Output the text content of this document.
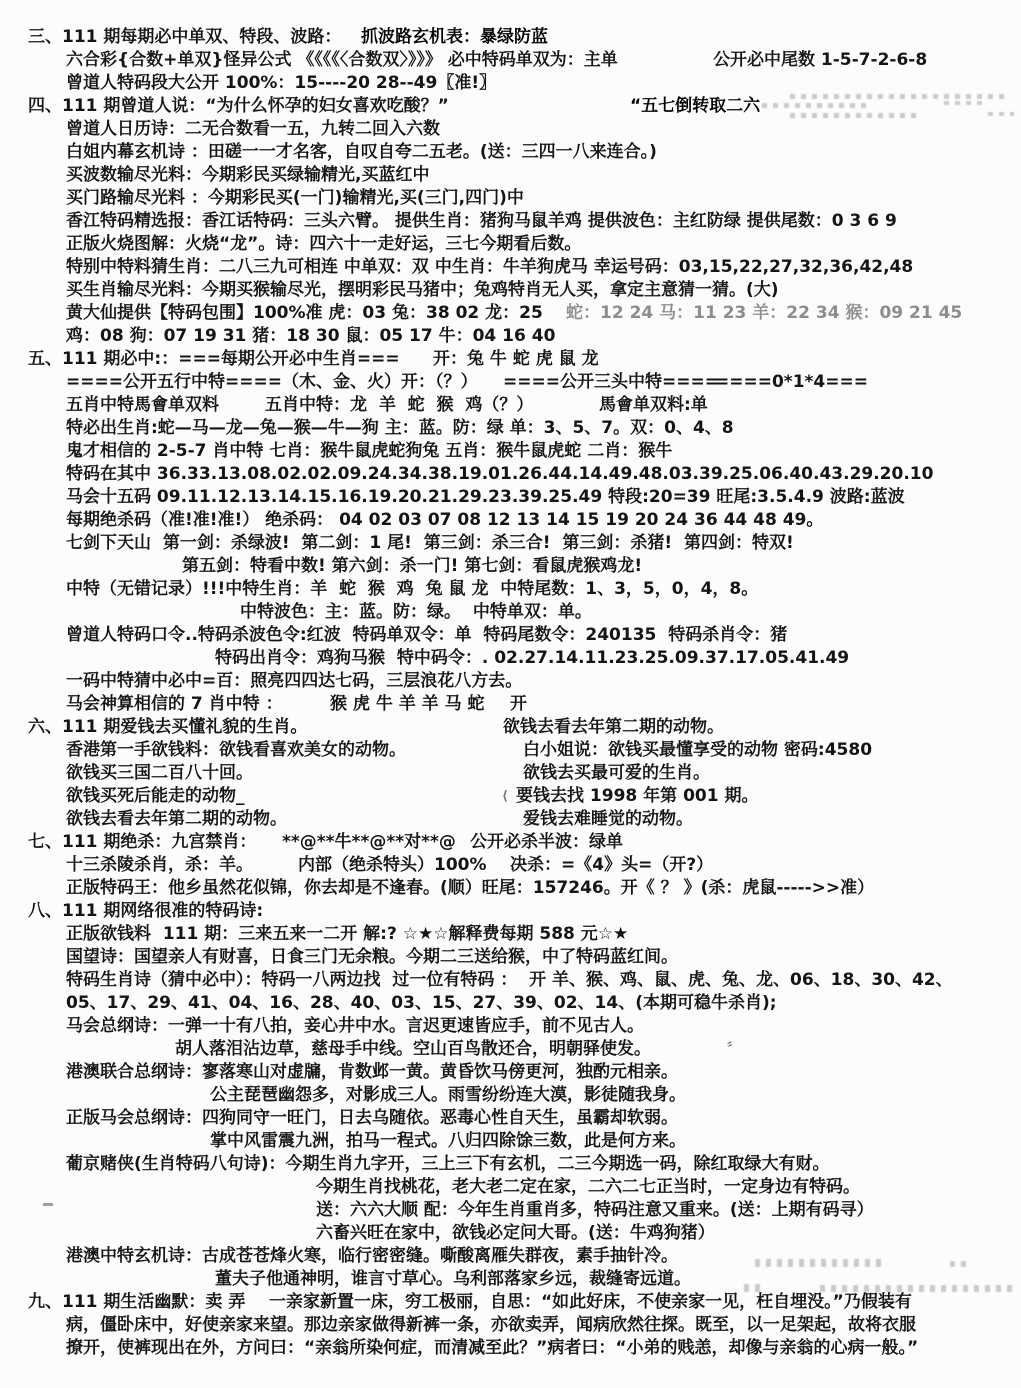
三、111 期每期必中单双、特段、波路： 抓波路玄机表：暴绿防蓝
六合彩{合数+单双}怪异公式 《《《《〈合数双〉》》》 必中特码单双为：主单	公开必中尾数 1-5-7-2-6-8
曾道人特码段大公开 100%：15----20 28--49〖准!〗
四、111 期曾道人说：“为什么怀孕的妇女喜欢吃酸？”	“五七倒转取二六
曾道人日历诗：二无合数看一五，九转二回入六数
白姐内幕玄机诗 ：田磋一一才名客，自叹自夸二五老。(送：三四一八来连合。)
买波数输尽光料：今期彩民买绿输精光,买蓝红中
买门路输尽光料 ：今期彩民买(一门)输精光,买(三门,四门)中
香江特码精选报：香江话特码：三头六臂。 提供生肖：猪狗马鼠羊鸡 提供波色：主红防绿 提供尾数：0 3 6 9
正版火烧图解：火烧“龙”。诗：四六十一走好运，三七今期看后数。
特别中特料猜生肖：二八三九可相连 中单双：双 中生肖：牛羊狗虎马 幸运号码：03,15,22,27,32,36,42,48
买生肖输尽光料：今期买猴输尽光，摆明彩民马猪中；兔鸡特肖无人买，拿定主意猜一猜。(大)
黄大仙提供【特码包围】100%准 虎：03 兔：38 02 龙：25 蛇：12 24 马：11 23 羊：22 34 猴：09 21 45
鸡：08 狗：07 19 31 猪：18 30 鼠：05 17 牛：04 16 40
五、111 期必中:：===每期公开必中生肖=== 开：兔 牛 蛇 虎 鼠 龙
====公开五行中特====（木、金、火）开：（？） ====公开三头中特====
====0*1*4===
五肖中特馬會单双料	五肖中特：龙  羊  蛇  猴  鸡（？）	馬會单双料:单
特必出生肖:蛇—马—龙—兔—猴—牛—狗 主：蓝。防：绿 单：3、5、7。双：0、4、8
鬼才相信的 2-5-7 肖中特 七肖：猴牛鼠虎蛇狗兔 五肖：猴牛鼠虎蛇 二肖：猴牛
特码在其中 36.33.13.08.02.02.09.24.34.38.19.01.26.44.14.49.48.03.39.25.06.40.43.29.20.10
马会十五码 09.11.12.13.14.15.16.19.20.21.29.23.39.25.49 特段:20=39 旺尾:3.5.4.9 波路:蓝波
每期绝杀码（准!准!准!） 绝杀码： 04 02 03 07 08 12 13 14 15 19 20 24 36 44 48 49。
七剑下天山  第一剑：杀绿波!  第二剑：1 尾!  第三剑：杀三合!  第三剑：杀猪!  第四剑：特双!
第五剑：特看中数! 第六剑：杀一门! 第七剑：看鼠虎猴鸡龙!
中特（无错记录）!!!中特生肖：羊  蛇  猴  鸡  兔 鼠 龙  中特尾数：1、3，5，0，4，8。
中特波色：主：蓝。防：绿。  中特单双：单。
曾道人特码口令..特码杀波色令:红波  特码单双令：单  特码尾数令：240135  特码杀肖令：猪
特码出肖令：鸡狗马猴  特中码令：. 02.27.14.11.23.25.09.37.17.05.41.49
一码中特猜中必中=百：照亮四四达七码，三层浪花八方去。
马会神算相信的 7 肖中特 ：	猴 虎 牛 羊 羊 马 蛇 开
六、111 期爱钱去买懂礼貌的生肖。	欲钱去看去年第二期的动物。
香港第一手欲钱料：欲钱看喜欢美女的动物。	白小姐说：欲钱买最懂享受的动物 密码:4580
欲钱买三国二百八十回。	欲钱去买最可爱的生肖。
欲钱买死后能走的动物_	⟨ 要钱去找 1998 年第 001 期。
欲钱去看去年第二期的动物。	爱钱去难睡觉的动物。
七、111 期绝杀：九宫禁肖： **@**牛**@**对**@ 公开必杀半波：绿单
十三杀陵杀肖，杀：羊。	内部（绝杀特头）100% 决杀：=《4》头=（开?）
正版特码王：他乡虽然花似锦，你去却是不逢春。(顺）旺尾：157246。开《 ？ 》(杀：虎鼠----->>准）
八、111 期网络很准的特码诗:
正版欲钱料  111 期：三来五来一二开 解:? ☆★☆解释费每期 588 元☆★
国望诗：国望亲人有财喜，日食三门无余粮。今期二三送给猴，中了特码蓝红间。
特码生肖诗（猜中必中）：特码一八两边找  过一位有特码 ：  开 羊、猴、鸡、鼠、虎、兔、龙、06、18、30、42、
05、17、29、41、04、16、28、40、03、15、27、39、02、14、(本期可稳牛杀肖);
马会总纲诗：一弹一十有八拍，妾心井中水。言迟更速皆应手，前不见古人。
胡人落泪沾边草，慈母手中线。空山百鸟散还合，明朝驿使发。	〞
港澳联合总纲诗：寥落寒山对虚牖，肯数邺一黄。黄昏饮马傍更河，独酌元相亲。
公主琵琶幽怨多，对影成三人。雨雪纷纷连大漠，影徒随我身。
正版马会总纲诗：四狗同守一旺门，日去乌随依。恶毒心性自天生，虽霸却软弱。
掌中风雷震九洲，拍马一程式。八归四除馀三数，此是何方来。
葡京赌侠(生肖特码八句诗)：今期生肖九字开，三上三下有玄机，二三今期选一码，除红取绿大有财。
今期生肖找桃花，老大老二定在家，二六二七正当时，一定身边有特码。
送：六六大顺 配：今年生肖重肖多，特码注意又重来。(送：上期有码寻）
六畜兴旺在家中，欲钱必定问大哥。(送：牛鸡狗猪）
港澳中特玄机诗：古成苍苍烽火寒，临行密密缝。嘶酸离雁失群夜，素手抽针冷。
董夫子他通神明，谁言寸草心。乌利部落家乡远，裁缝寄远道。
九、111 期生活幽默：卖 弄    一亲家新置一床，穷工极丽，自思：“如此好床，不使亲家一见，枉自埋没。”乃假装有
病，僵卧床中，好使亲家来望。那边亲家做得新裤一条，亦欲卖弄，闻病欣然往探。既至，以一足架起，故将衣服
撩开，使裤现出在外，方问曰：“亲翁所染何症，而清减至此？”病者曰：“小弟的贱恙，却像与亲翁的心病一般。”
